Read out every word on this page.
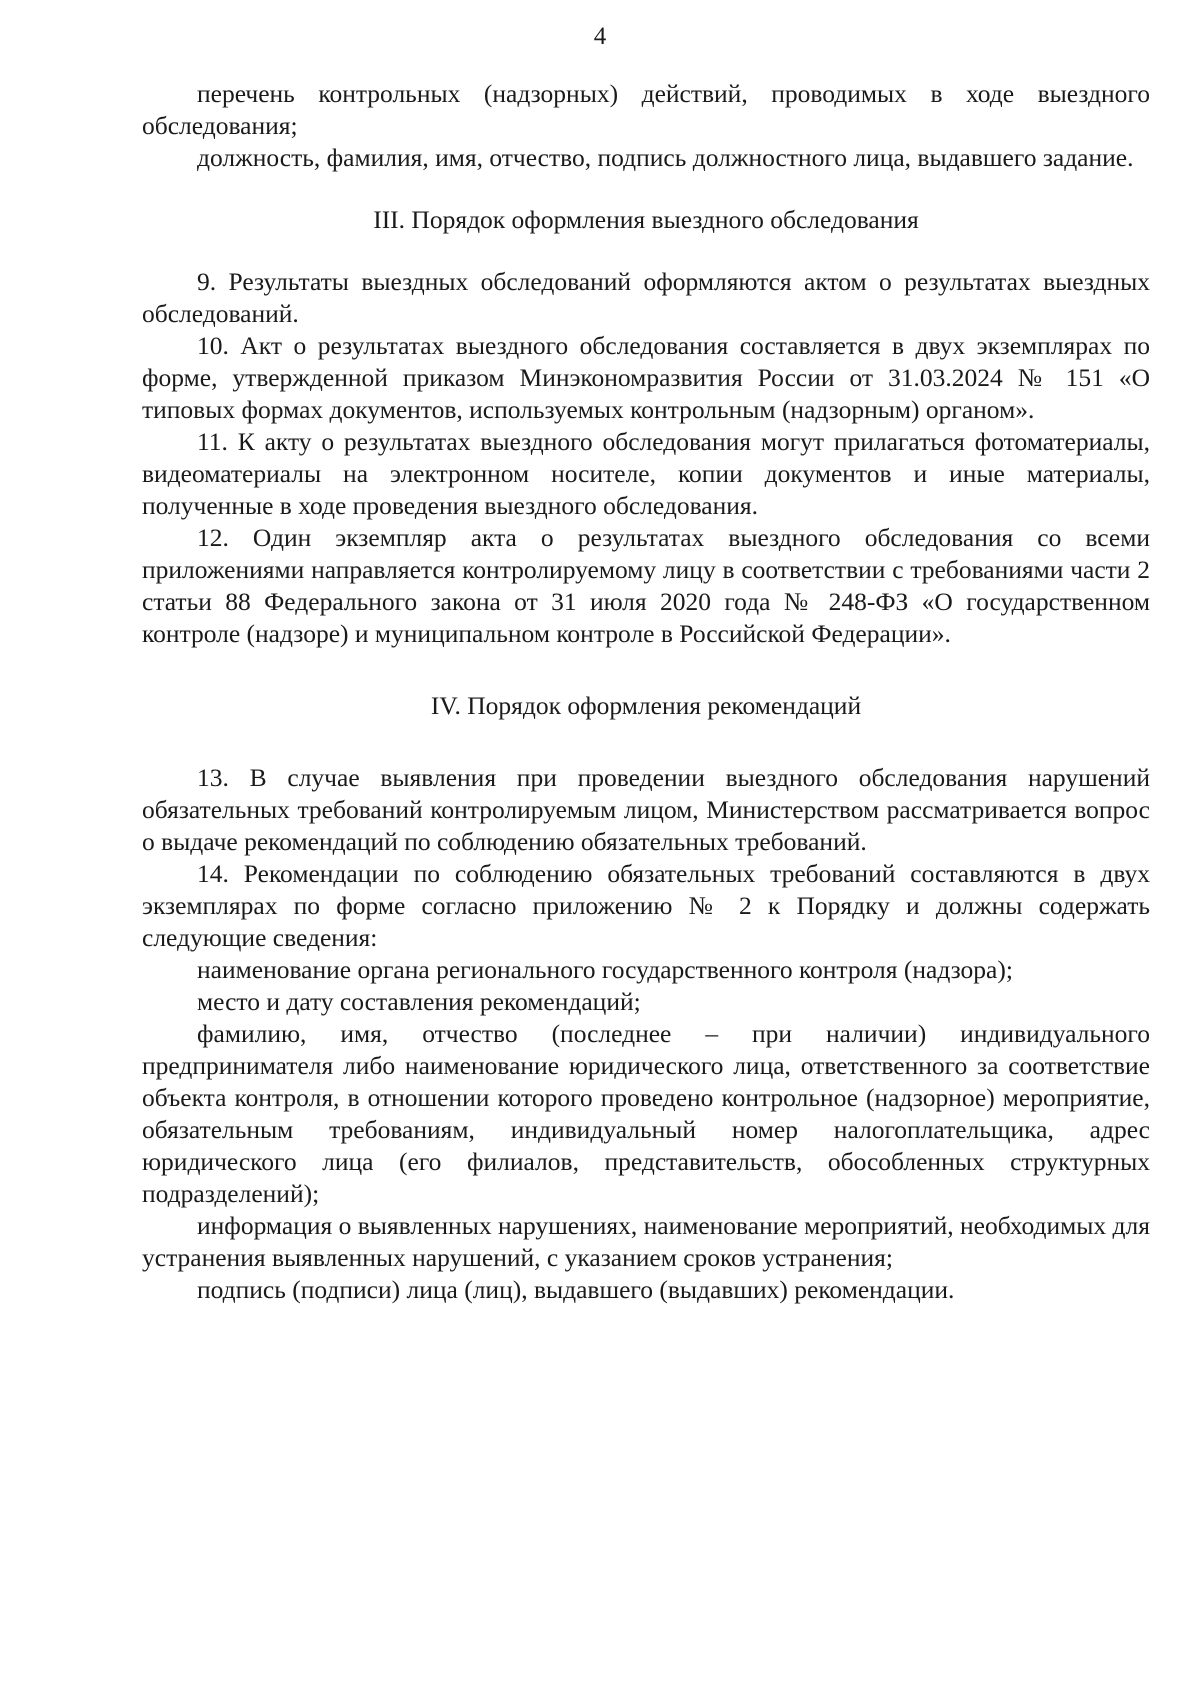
4

перечень контрольных (надзорных) действий, проводимых в ходе выездного обследования;

должность, фамилия, имя, отчество, подпись должностного лица, выдавшего задание.

III. Порядок оформления выездного обследования

9. Результаты выездных обследований оформляются актом о результатах выездных обследований.

10. Акт о результатах выездного обследования составляется в двух экземплярах по форме, утвержденной приказом Минэкономразвития России от 31.03.2024 № 151 «О типовых формах документов, используемых контрольным (надзорным) органом».

11. К акту о результатах выездного обследования могут прилагаться фотоматериалы, видеоматериалы на электронном носителе, копии документов и иные материалы, полученные в ходе проведения выездного обследования.

12. Один экземпляр акта о результатах выездного обследования со всеми приложениями направляется контролируемому лицу в соответствии с требованиями части 2 статьи 88 Федерального закона от 31 июля 2020 года № 248-ФЗ «О государственном контроле (надзоре) и муниципальном контроле в Российской Федерации».

IV. Порядок оформления рекомендаций

13. В случае выявления при проведении выездного обследования нарушений обязательных требований контролируемым лицом, Министерством рассматривается вопрос о выдаче рекомендаций по соблюдению обязательных требований.

14. Рекомендации по соблюдению обязательных требований составляются в двух экземплярах по форме согласно приложению № 2 к Порядку и должны содержать следующие сведения:

наименование органа регионального государственного контроля (надзора);

место и дату составления рекомендаций;

фамилию, имя, отчество (последнее – при наличии) индивидуального предпринимателя либо наименование юридического лица, ответственного за соответствие объекта контроля, в отношении которого проведено контрольное (надзорное) мероприятие, обязательным требованиям, индивидуальный номер налогоплательщика, адрес юридического лица (его филиалов, представительств, обособленных структурных подразделений);

информация о выявленных нарушениях, наименование мероприятий, необходимых для устранения выявленных нарушений, с указанием сроков устранения;

подпись (подписи) лица (лиц), выдавшего (выдавших) рекомендации.
